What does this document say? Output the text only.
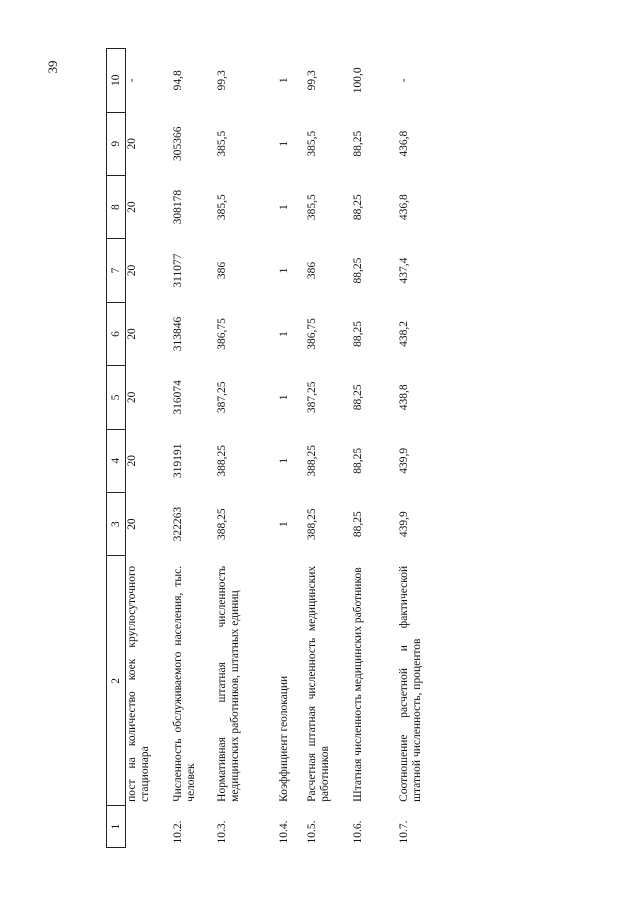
39
1	2	3	4	5	6	7	8	9	10
	пост на количество коек круглосуточного стационара	20	20	20	20	20	20	20	-
10.2.	Численность обслуживаемого населения, тыс. человек	322263	319191	316074	313846	311077	308178	305366	94,8
10.3.	Нормативная штатная численность медицинских работников, штатных единиц	388,25	388,25	387,25	386,75	386	385,5	385,5	99,3
10.4.	Коэффициент геолокации	1	1	1	1	1	1	1	1
10.5.	Расчетная штатная численность медицинских работников	388,25	388,25	387,25	386,75	386	385,5	385,5	99,3
10.6.	Штатная численность медицинских работников	88,25	88,25	88,25	88,25	88,25	88,25	88,25	100,0
10.7.	Соотношение расчетной и фактической штатной численность, процентов	439,9	439,9	438,8	438,2	437,4	436,8	436,8	-
